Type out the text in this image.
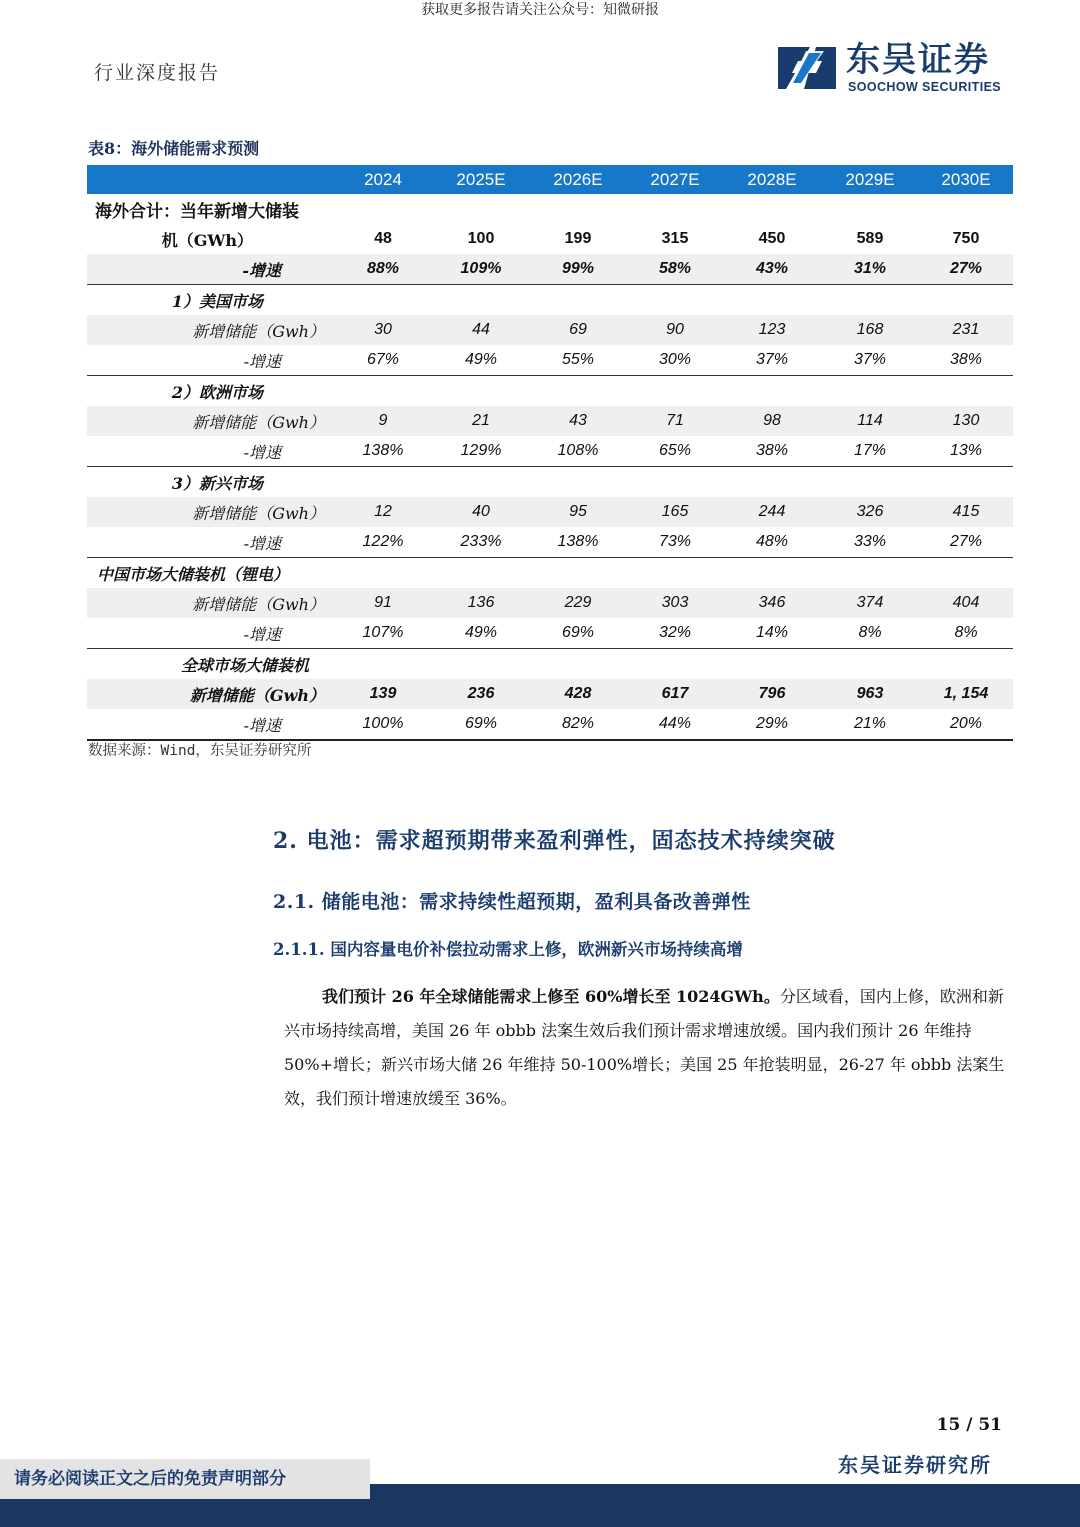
获取更多报告请关注公众号：知微研报
行业深度报告	东吴证券
SOOCHOW SECURITIES
表8：海外储能需求预测
	2024	2025E	2026E	2027E	2028E	2029E	2030E
海外合计：当年新增大储装							
机（GWh）	48	100	199	315	450	589	750
-增速	88%	109%	99%	58%	43%	31%	27%
1）美国市场							
新增储能（Gwh）	30	44	69	90	123	168	231
-增速	67%	49%	55%	30%	37%	37%	38%
2）欧洲市场							
新增储能（Gwh）	9	21	43	71	98	114	130
-增速	138%	129%	108%	65%	38%	17%	13%
3）新兴市场							
新增储能（Gwh）	12	40	95	165	244	326	415
-增速	122%	233%	138%	73%	48%	33%	27%
中国市场大储装机（锂电）							
新增储能（Gwh）	91	136	229	303	346	374	404
-增速	107%	49%	69%	32%	14%	8%	8%
全球市场大储装机							
新增储能（Gwh）	139	236	428	617	796	963	1, 154
-增速	100%	69%	82%	44%	29%	21%	20%
数据来源：Wind，东吴证券研究所
2. 电池：需求超预期带来盈利弹性，固态技术持续突破
2.1. 储能电池：需求持续性超预期，盈利具备改善弹性
2.1.1. 国内容量电价补偿拉动需求上修，欧洲新兴市场持续高增
我们预计 26 年全球储能需求上修至 60%增长至 1024GWh。分区域看，国内上修，欧洲和新兴市场持续高增，美国 26 年 obbb 法案生效后我们预计需求增速放缓。国内我们预计 26 年维持 50%+增长；新兴市场大储 26 年维持 50-100%增长；美国 25 年抢装明显，26-27 年 obbb 法案生效，我们预计增速放缓至 36%。
15 / 51
东吴证券研究所
请务必阅读正文之后的免责声明部分
